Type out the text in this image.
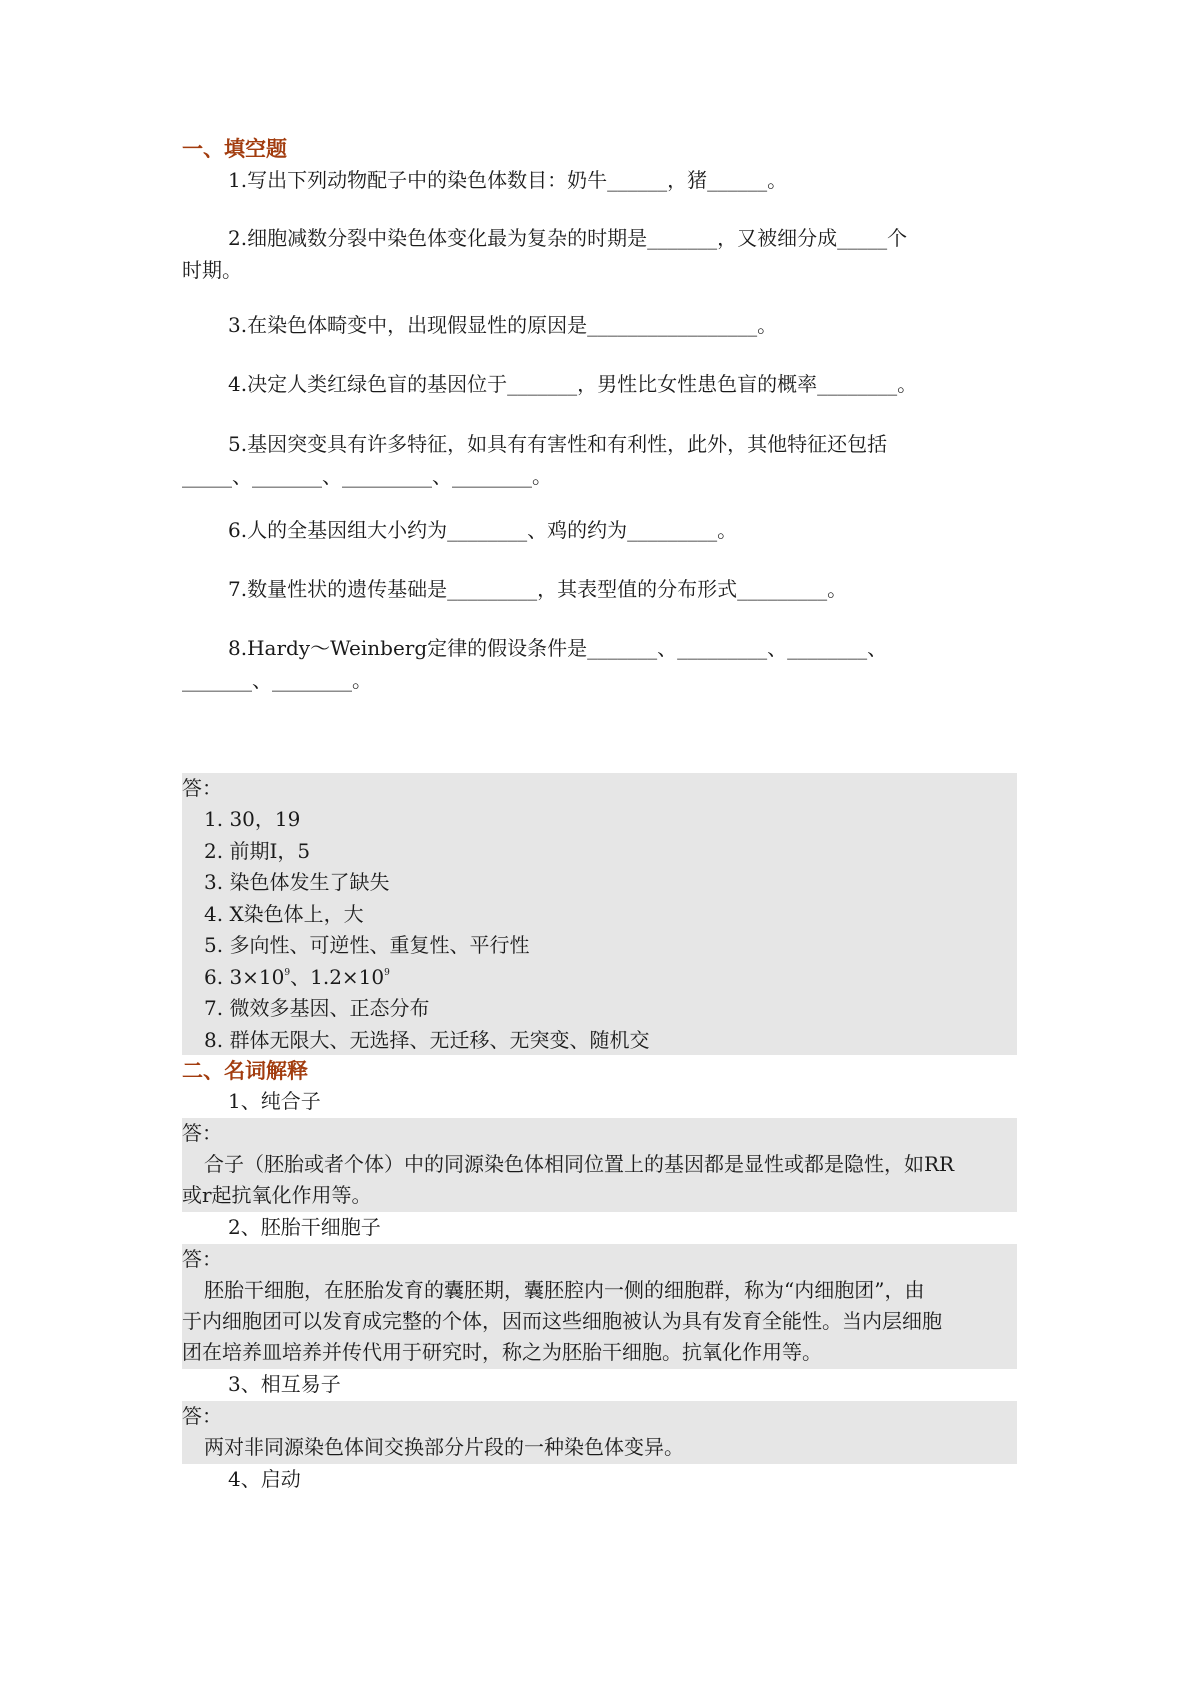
一、填空题
1.写出下列动物配子中的染色体数目：奶牛______，猪______。
2.细胞减数分裂中染色体变化最为复杂的时期是_______，又被细分成_____个
时期。
3.在染色体畸变中，出现假显性的原因是_________________。
4.决定人类红绿色盲的基因位于_______，男性比女性患色盲的概率________。
5.基因突变具有许多特征，如具有有害性和有利性，此外，其他特征还包括
_____、_______、_________、________。
6.人的全基因组大小约为________、鸡的约为_________。
7.数量性状的遗传基础是_________，其表型值的分布形式_________。
8.Hardy～Weinberg定律的假设条件是_______、_________、________、
_______、________。
答：
1. 30，19
2. 前期Ⅰ，5
3. 染色体发生了缺失
4. X染色体上，大
5. 多向性、可逆性、重复性、平行性
6. $3\times 10^9$、$1.2\times 10^9$
7. 微效多基因、正态分布
8. 群体无限大、无选择、无迁移、无突变、随机交
二、名词解释
1、纯合子
答：
合子（胚胎或者个体）中的同源染色体相同位置上的基因都是显性或都是隐性，如RR
或r起抗氧化作用等。
2、胚胎干细胞子
答：
胚胎干细胞，在胚胎发育的囊胚期，囊胚腔内一侧的细胞群，称为“内细胞团”，由
于内细胞团可以发育成完整的个体，因而这些细胞被认为具有发育全能性。当内层细胞
团在培养皿培养并传代用于研究时，称之为胚胎干细胞。抗氧化作用等。
3、相互易子
答：
两对非同源染色体间交换部分片段的一种染色体变异。
4、启动
